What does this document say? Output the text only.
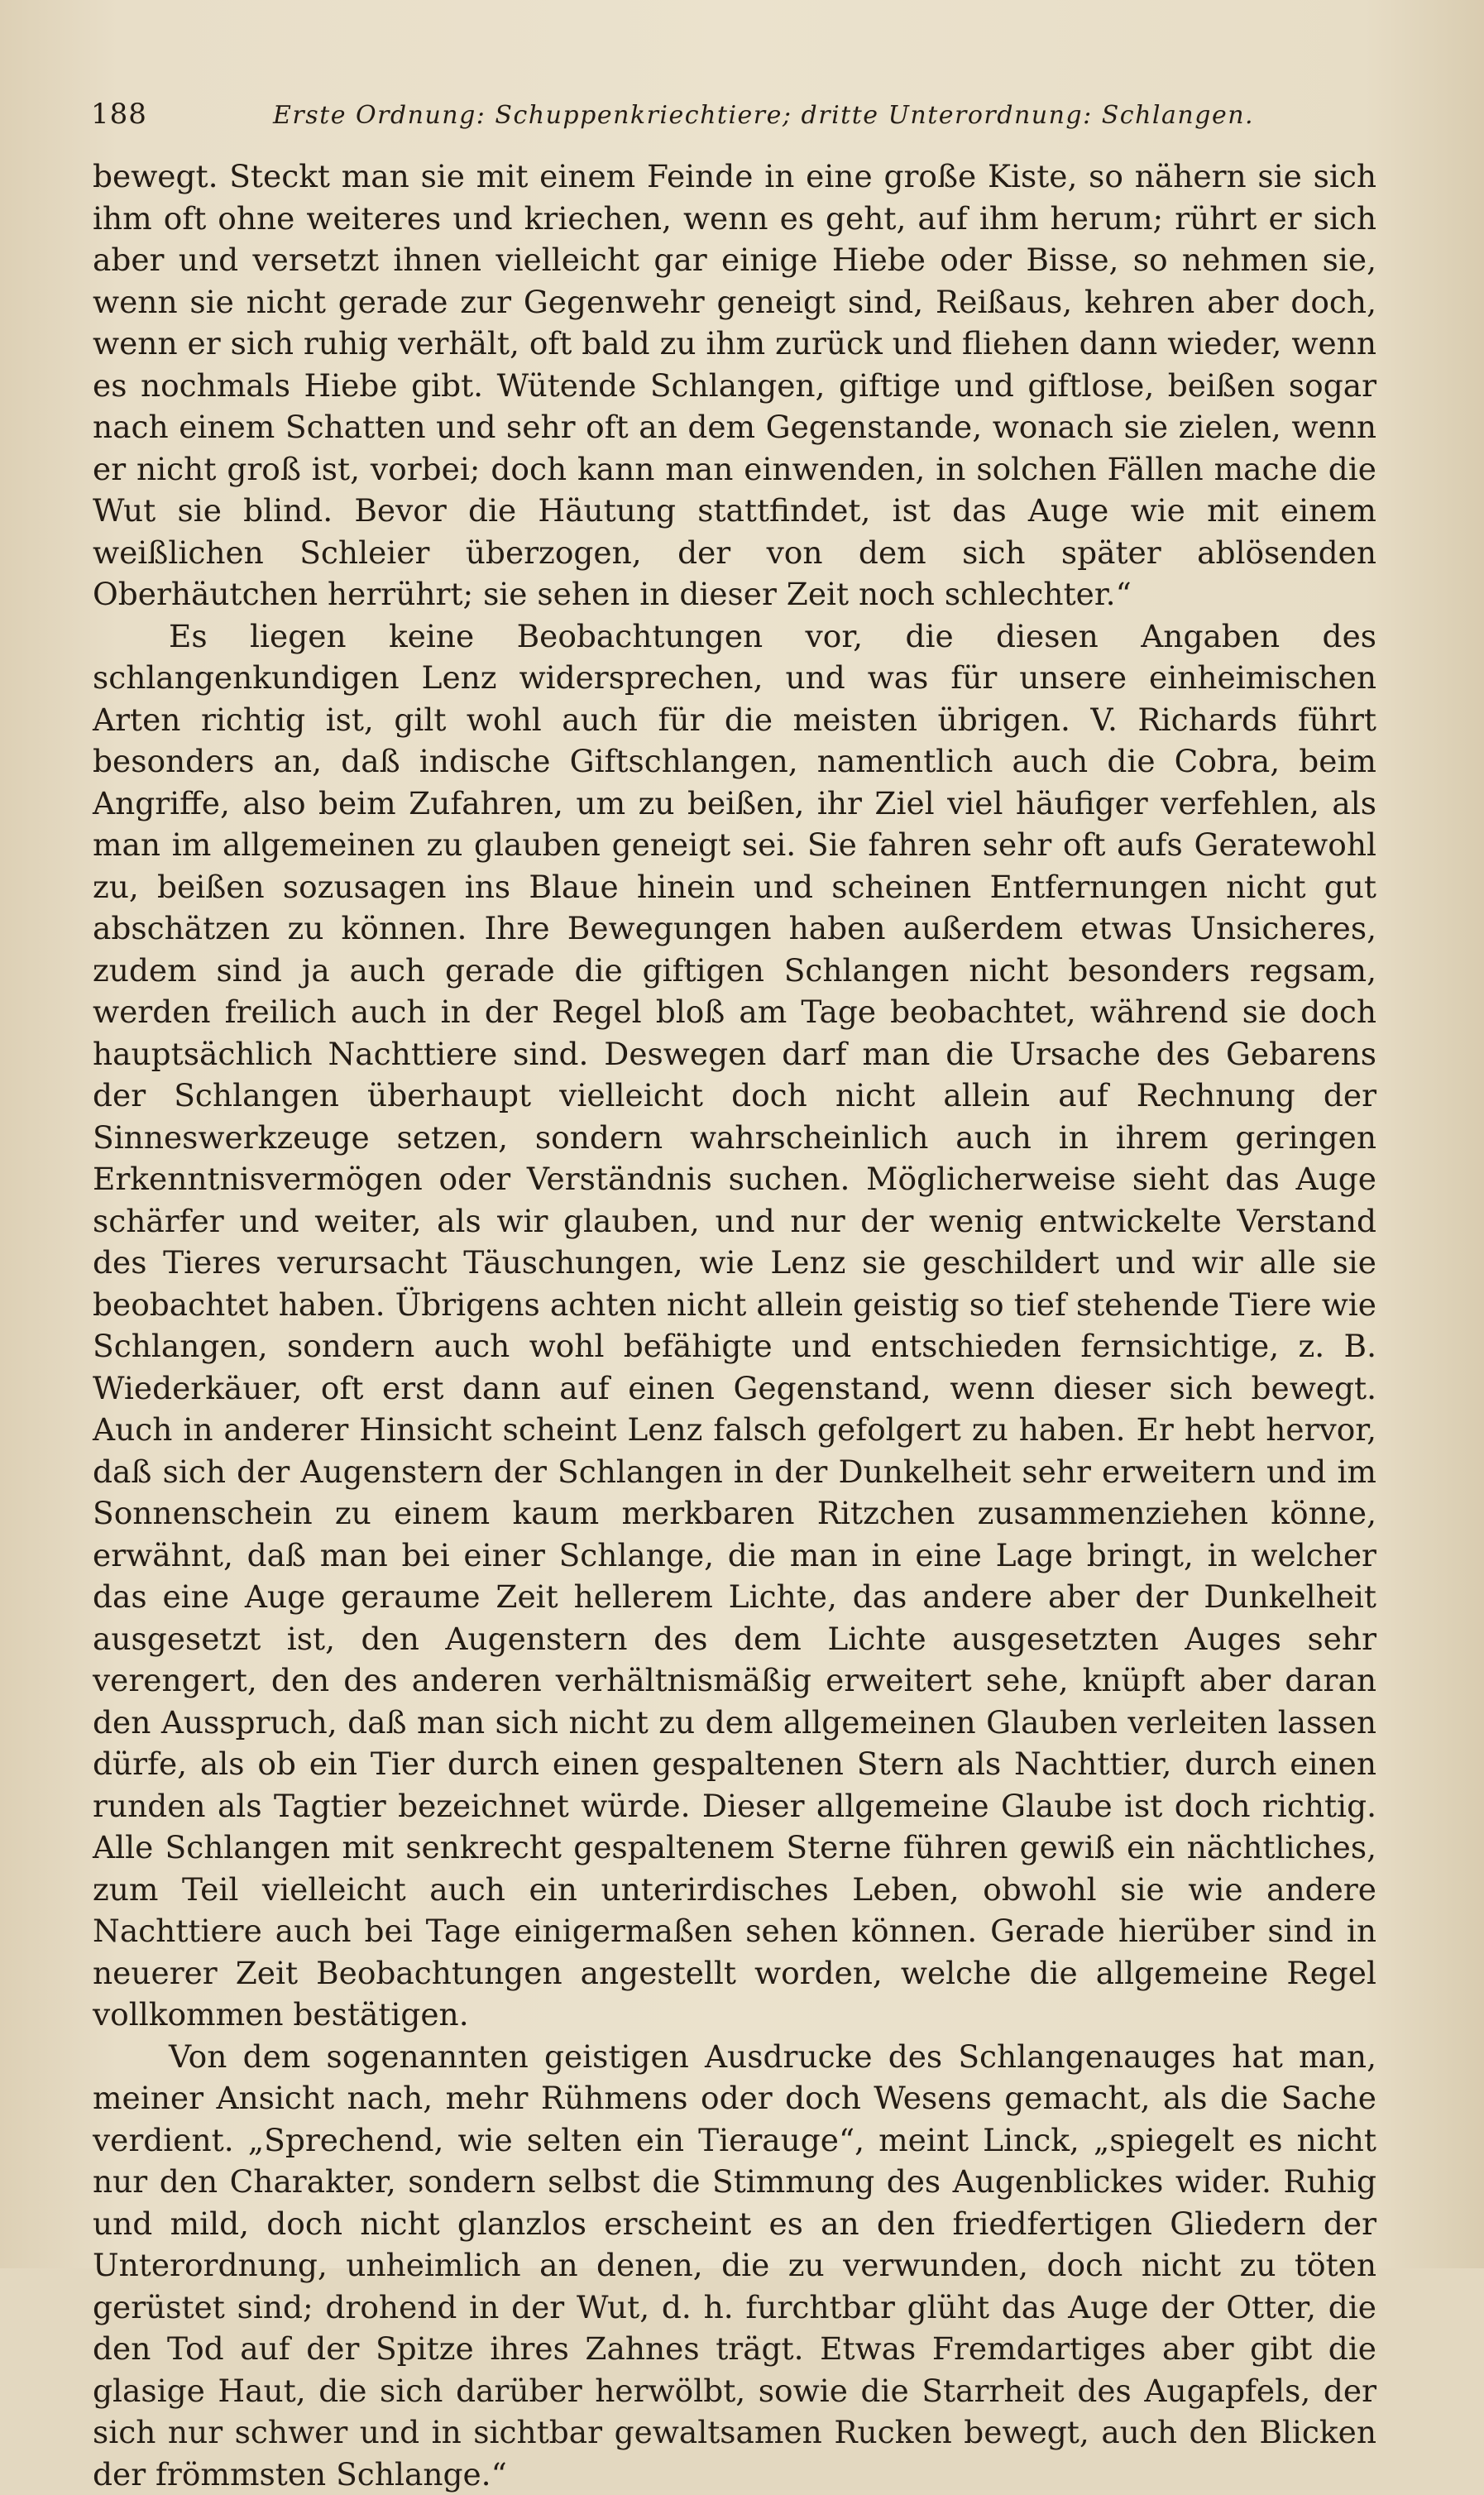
188	Erste Ordnung: Schuppenkriechtiere; dritte Unterordnung: Schlangen.

bewegt. Steckt man sie mit einem Feinde in eine große Kiste, so nähern sie sich ihm oft ohne weiteres und kriechen, wenn es geht, auf ihm herum; rührt er sich aber und versetzt ihnen vielleicht gar einige Hiebe oder Bisse, so nehmen sie, wenn sie nicht gerade zur Gegenwehr geneigt sind, Reißaus, kehren aber doch, wenn er sich ruhig verhält, oft bald zu ihm zurück und fliehen dann wieder, wenn es nochmals Hiebe gibt. Wütende Schlangen, giftige und giftlose, beißen sogar nach einem Schatten und sehr oft an dem Gegenstande, wonach sie zielen, wenn er nicht groß ist, vorbei; doch kann man einwenden, in solchen Fällen mache die Wut sie blind. Bevor die Häutung stattfindet, ist das Auge wie mit einem weißlichen Schleier überzogen, der von dem sich später ablösenden Oberhäutchen herrührt; sie sehen in dieser Zeit noch schlechter.“

Es liegen keine Beobachtungen vor, die diesen Angaben des schlangenkundigen Lenz widersprechen, und was für unsere einheimischen Arten richtig ist, gilt wohl auch für die meisten übrigen. V. Richards führt besonders an, daß indische Giftschlangen, namentlich auch die Cobra, beim Angriffe, also beim Zufahren, um zu beißen, ihr Ziel viel häufiger verfehlen, als man im allgemeinen zu glauben geneigt sei. Sie fahren sehr oft aufs Geratewohl zu, beißen sozusagen ins Blaue hinein und scheinen Entfernungen nicht gut abschätzen zu können. Ihre Bewegungen haben außerdem etwas Unsicheres, zudem sind ja auch gerade die giftigen Schlangen nicht besonders regsam, werden freilich auch in der Regel bloß am Tage beobachtet, während sie doch hauptsächlich Nachttiere sind. Deswegen darf man die Ursache des Gebarens der Schlangen überhaupt vielleicht doch nicht allein auf Rechnung der Sinneswerkzeuge setzen, sondern wahrscheinlich auch in ihrem geringen Erkenntnisvermögen oder Verständnis suchen. Möglicherweise sieht das Auge schärfer und weiter, als wir glauben, und nur der wenig entwickelte Verstand des Tieres verursacht Täuschungen, wie Lenz sie geschildert und wir alle sie beobachtet haben. Übrigens achten nicht allein geistig so tief stehende Tiere wie Schlangen, sondern auch wohl befähigte und entschieden fernsichtige, z. B. Wiederkäuer, oft erst dann auf einen Gegenstand, wenn dieser sich bewegt. Auch in anderer Hinsicht scheint Lenz falsch gefolgert zu haben. Er hebt hervor, daß sich der Augenstern der Schlangen in der Dunkelheit sehr erweitern und im Sonnenschein zu einem kaum merkbaren Ritzchen zusammenziehen könne, erwähnt, daß man bei einer Schlange, die man in eine Lage bringt, in welcher das eine Auge geraume Zeit hellerem Lichte, das andere aber der Dunkelheit ausgesetzt ist, den Augenstern des dem Lichte ausgesetzten Auges sehr verengert, den des anderen verhältnismäßig erweitert sehe, knüpft aber daran den Ausspruch, daß man sich nicht zu dem allgemeinen Glauben verleiten lassen dürfe, als ob ein Tier durch einen gespaltenen Stern als Nachttier, durch einen runden als Tagtier bezeichnet würde. Dieser allgemeine Glaube ist doch richtig. Alle Schlangen mit senkrecht gespaltenem Sterne führen gewiß ein nächtliches, zum Teil vielleicht auch ein unterirdisches Leben, obwohl sie wie andere Nachttiere auch bei Tage einigermaßen sehen können. Gerade hierüber sind in neuerer Zeit Beobachtungen angestellt worden, welche die allgemeine Regel vollkommen bestätigen.

Von dem sogenannten geistigen Ausdrucke des Schlangenauges hat man, meiner Ansicht nach, mehr Rühmens oder doch Wesens gemacht, als die Sache verdient. „Sprechend, wie selten ein Tierauge“, meint Linck, „spiegelt es nicht nur den Charakter, sondern selbst die Stimmung des Augenblickes wider. Ruhig und mild, doch nicht glanzlos erscheint es an den friedfertigen Gliedern der Unterordnung, unheimlich an denen, die zu verwunden, doch nicht zu töten gerüstet sind; drohend in der Wut, d. h. furchtbar glüht das Auge der Otter, die den Tod auf der Spitze ihres Zahnes trägt. Etwas Fremdartiges aber gibt die glasige Haut, die sich darüber herwölbt, sowie die Starrheit des Augapfels, der sich nur schwer und in sichtbar gewaltsamen Rucken bewegt, auch den Blicken der frömmsten Schlange.“
